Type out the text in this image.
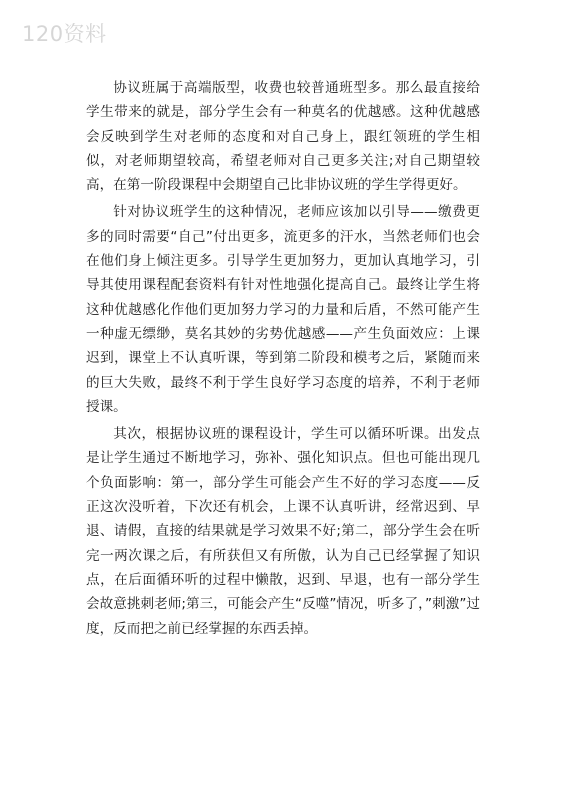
120资料

协议班属于高端版型，收费也较普通班型多。那么最直接给学生带来的就是，部分学生会有一种莫名的优越感。这种优越感会反映到学生对老师的态度和对自己身上，跟红领班的学生相似，对老师期望较高，希望老师对自己更多关注;对自己期望较高，在第一阶段课程中会期望自己比非协议班的学生学得更好。

针对协议班学生的这种情况，老师应该加以引导——缴费更多的同时需要“自己”付出更多，流更多的汗水，当然老师们也会在他们身上倾注更多。引导学生更加努力，更加认真地学习，引导其使用课程配套资料有针对性地强化提高自己。最终让学生将这种优越感化作他们更加努力学习的力量和后盾，不然可能产生一种虚无缥缈，莫名其妙的劣势优越感——产生负面效应：上课迟到，课堂上不认真听课，等到第二阶段和模考之后，紧随而来的巨大失败，最终不利于学生良好学习态度的培养，不利于老师授课。

其次，根据协议班的课程设计，学生可以循环听课。出发点是让学生通过不断地学习，弥补、强化知识点。但也可能出现几个负面影响：第一，部分学生可能会产生不好的学习态度——反正这次没听着，下次还有机会，上课不认真听讲，经常迟到、早退、请假，直接的结果就是学习效果不好;第二，部分学生会在听完一两次课之后，有所获但又有所傲，认为自己已经掌握了知识点，在后面循环听的过程中懒散，迟到、早退，也有一部分学生会故意挑刺老师;第三，可能会产生“反噬”情况，听多了，”刺激”过度，反而把之前已经掌握的东西丢掉。
